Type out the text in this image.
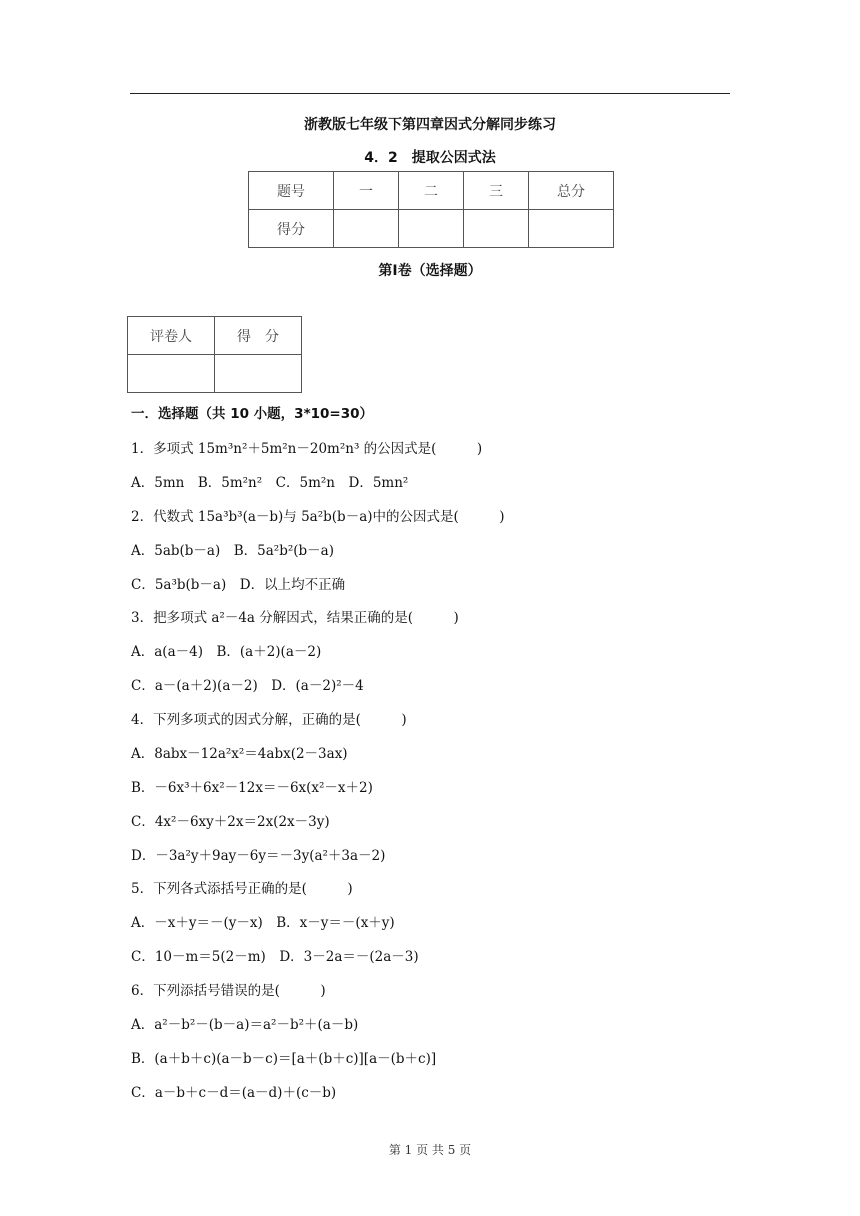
浙教版七年级下第四章因式分解同步练习
4．2　提取公因式法
题号	一	二	三	总分
得分				
第Ⅰ卷（选择题）
评卷人	得　分

一．选择题（共 10 小题，3*10=30）
1．多项式 15m³n²＋5m²n－20m²n³ 的公因式是(　　　)
A．5mn　B．5m²n²　C．5m²n　D．5mn²
2．代数式 15a³b³(a－b)与 5a²b(b－a)中的公因式是(　　　)
A．5ab(b－a)　B．5a²b²(b－a)
C．5a³b(b－a)　D．以上均不正确
3．把多项式 a²－4a 分解因式，结果正确的是(　　　)
A．a(a－4)　B．(a＋2)(a－2)
C．a－(a＋2)(a－2)　D．(a－2)²－4
4．下列多项式的因式分解，正确的是(　　　)
A．8abx－12a²x²＝4abx(2－3ax)
B．－6x³＋6x²－12x＝－6x(x²－x＋2)
C．4x²－6xy＋2x＝2x(2x－3y)
D．－3a²y＋9ay－6y＝－3y(a²＋3a－2)
5．下列各式添括号正确的是(　　　)
A．－x＋y＝－(y－x)　B．x－y＝－(x＋y)
C．10－m＝5(2－m)　D．3－2a＝－(2a－3)
6．下列添括号错误的是(　　　)
A．a²－b²－(b－a)＝a²－b²＋(a－b)
B．(a＋b＋c)(a－b－c)＝[a＋(b＋c)][a－(b＋c)]
C．a－b＋c－d＝(a－d)＋(c－b)
第 1 页 共 5 页
